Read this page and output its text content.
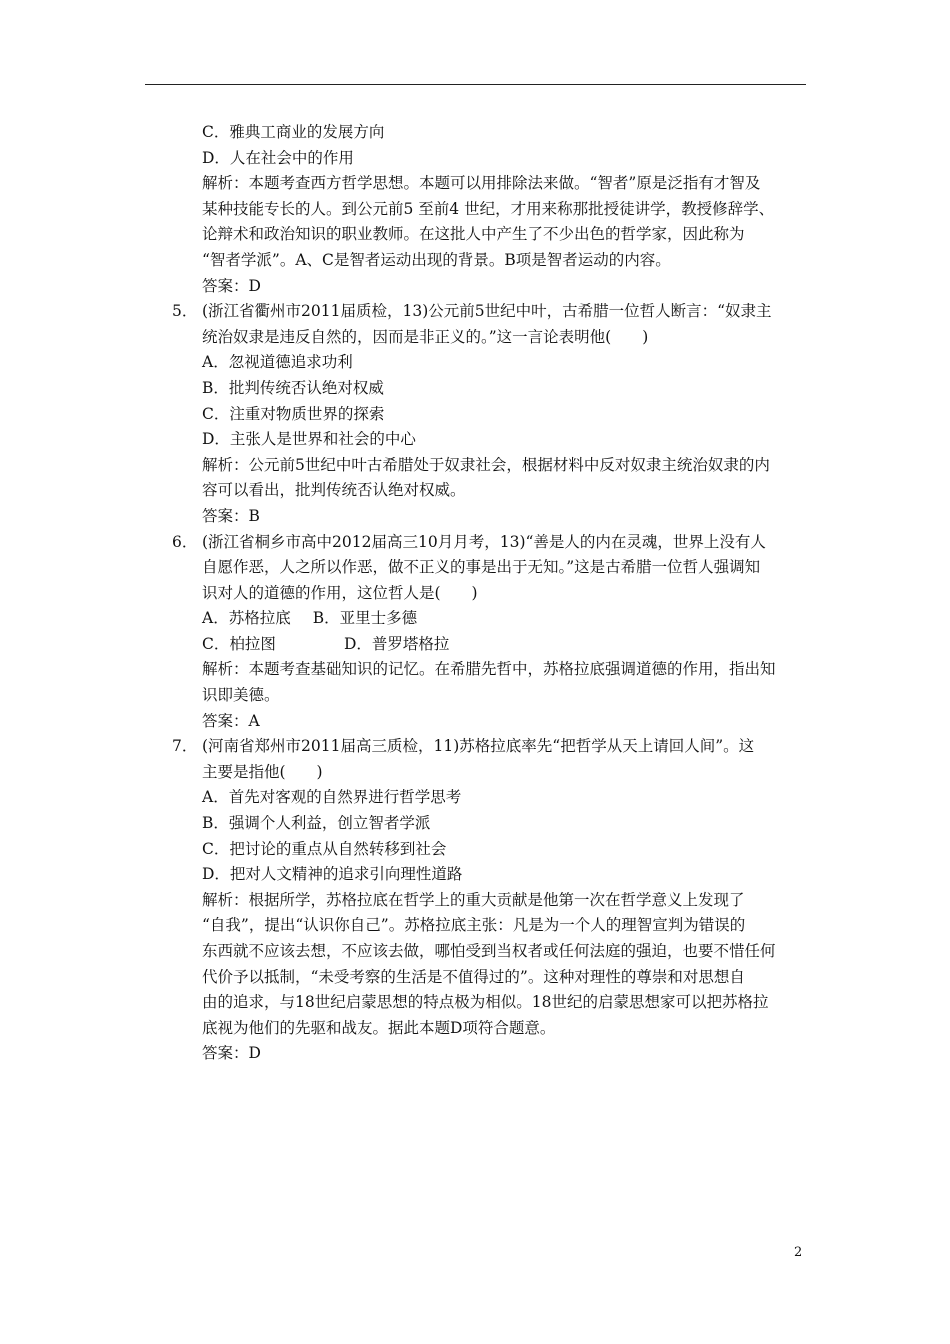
C．雅典工商业的发展方向
D．人在社会中的作用
解析：本题考查西方哲学思想。本题可以用排除法来做。“智者”原是泛指有才智及
某种技能专长的人。到公元前5 至前4 世纪，才用来称那批授徒讲学，教授修辞学、
论辩术和政治知识的职业教师。在这批人中产生了不少出色的哲学家，因此称为
“智者学派”。A、C是智者运动出现的背景。B项是智者运动的内容。
答案：D
5． (浙江省衢州市2011届质检，13)公元前5世纪中叶，古希腊一位哲人断言：“奴隶主
统治奴隶是违反自然的，因而是非正义的。”这一言论表明他(　　)
A．忽视道德追求功利
B．批判传统否认绝对权威
C．注重对物质世界的探索
D．主张人是世界和社会的中心
解析：公元前5世纪中叶古希腊处于奴隶社会，根据材料中反对奴隶主统治奴隶的内
容可以看出，批判传统否认绝对权威。
答案：B
6． (浙江省桐乡市高中2012届高三10月月考，13)“善是人的内在灵魂，世界上没有人
自愿作恶，人之所以作恶，做不正义的事是出于无知。”这是古希腊一位哲人强调知
识对人的道德的作用，这位哲人是(　　)
A．苏格拉底 B．亚里士多德
C．柏拉图	D．普罗塔格拉
解析：本题考查基础知识的记忆。在希腊先哲中，苏格拉底强调道德的作用，指出知
识即美德。
答案：A
7． (河南省郑州市2011届高三质检，11)苏格拉底率先“把哲学从天上请回人间”。这
主要是指他(　　)
A．首先对客观的自然界进行哲学思考
B．强调个人利益，创立智者学派
C．把讨论的重点从自然转移到社会
D．把对人文精神的追求引向理性道路
解析：根据所学，苏格拉底在哲学上的重大贡献是他第一次在哲学意义上发现了
“自我”，提出“认识你自己”。苏格拉底主张：凡是为一个人的理智宣判为错误的
东西就不应该去想，不应该去做，哪怕受到当权者或任何法庭的强迫，也要不惜任何
代价予以抵制，“未受考察的生活是不值得过的”。这种对理性的尊崇和对思想自
由的追求，与18世纪启蒙思想的特点极为相似。18世纪的启蒙思想家可以把苏格拉
底视为他们的先驱和战友。据此本题D项符合题意。
答案：D
2
